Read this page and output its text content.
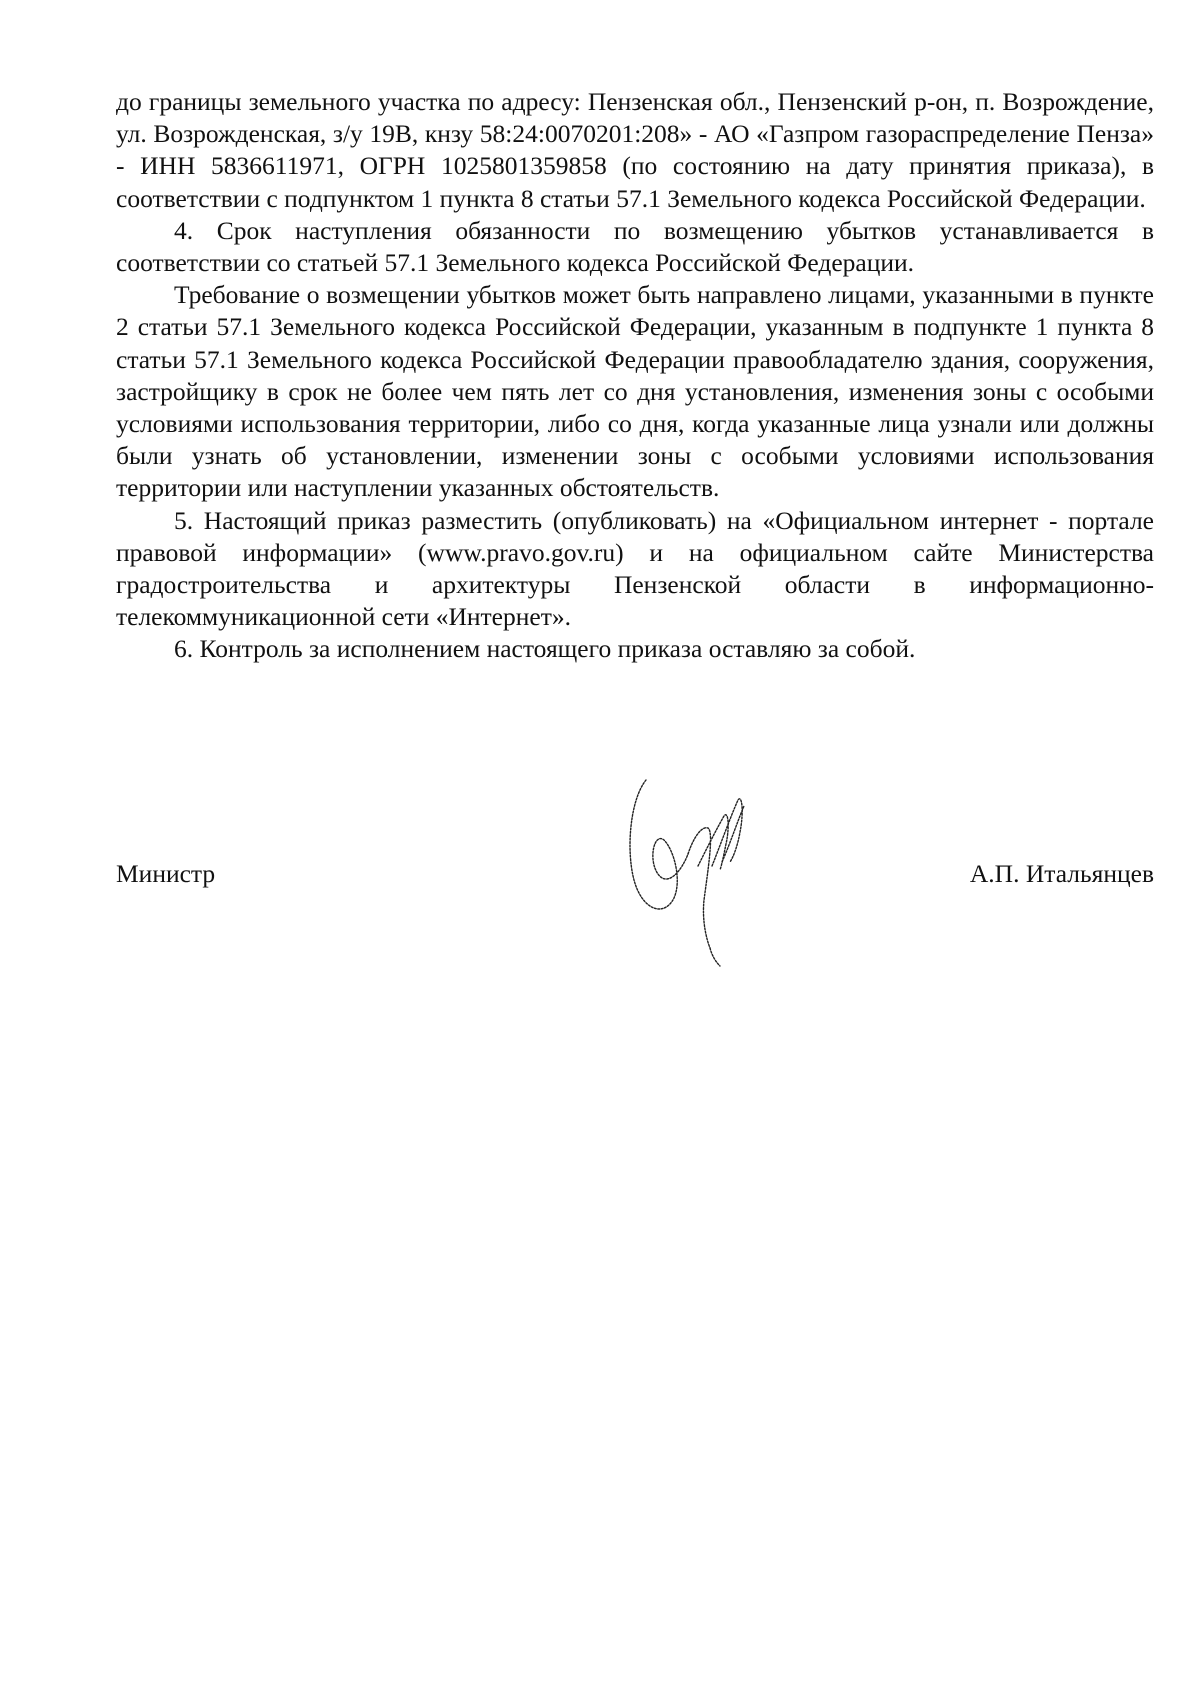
до границы земельного участка по адресу: Пензенская обл., Пензенский р-он, п. Возрождение, ул. Возрожденская, з/у 19В, кнзу 58:24:0070201:208» - АО «Газпром газораспределение Пенза» - ИНН 5836611971, ОГРН 1025801359858 (по состоянию на дату принятия приказа), в соответствии с подпунктом 1 пункта 8 статьи 57.1 Земельного кодекса Российской Федерации.

4. Срок наступления обязанности по возмещению убытков устанавливается в соответствии со статьей 57.1 Земельного кодекса Российской Федерации.

Требование о возмещении убытков может быть направлено лицами, указанными в пункте 2 статьи 57.1 Земельного кодекса Российской Федерации, указанным в подпункте 1 пункта 8 статьи 57.1 Земельного кодекса Российской Федерации правообладателю здания, сооружения, застройщику в срок не более чем пять лет со дня установления, изменения зоны с особыми условиями использования территории, либо со дня, когда указанные лица узнали или должны были узнать об установлении, изменении зоны с особыми условиями использования территории или наступлении указанных обстоятельств.

5. Настоящий приказ разместить (опубликовать) на «Официальном интернет - портале правовой информации» (www.pravo.gov.ru) и на официальном сайте Министерства градостроительства и архитектуры Пензенской области в информационно-телекоммуникационной сети «Интернет».

6. Контроль за исполнением настоящего приказа оставляю за собой.

Министр	А.П. Итальянцев
